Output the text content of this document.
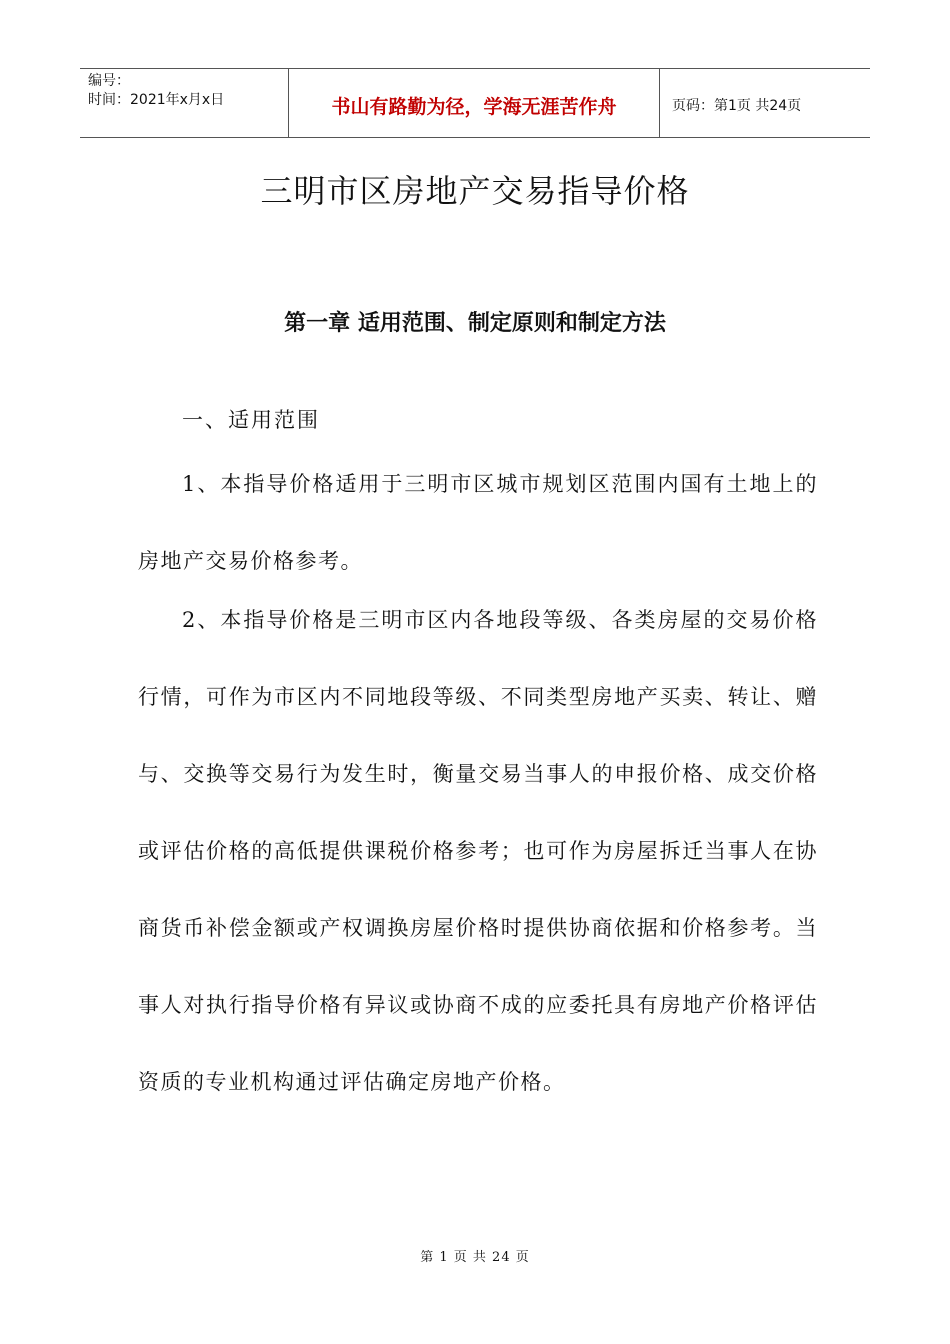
编号：
时间：2021年x月x日	书山有路勤为径，学海无涯苦作舟	页码：第1页 共24页
三明市区房地产交易指导价格
第一章 适用范围、制定原则和制定方法
一、适用范围
1、本指导价格适用于三明市区城市规划区范围内国有土地上的房地产交易价格参考。
2、本指导价格是三明市区内各地段等级、各类房屋的交易价格行情，可作为市区内不同地段等级、不同类型房地产买卖、转让、赠与、交换等交易行为发生时，衡量交易当事人的申报价格、成交价格或评估价格的高低提供课税价格参考；也可作为房屋拆迁当事人在协商货币补偿金额或产权调换房屋价格时提供协商依据和价格参考。当事人对执行指导价格有异议或协商不成的应委托具有房地产价格评估资质的专业机构通过评估确定房地产价格。
第 1 页 共 24 页
